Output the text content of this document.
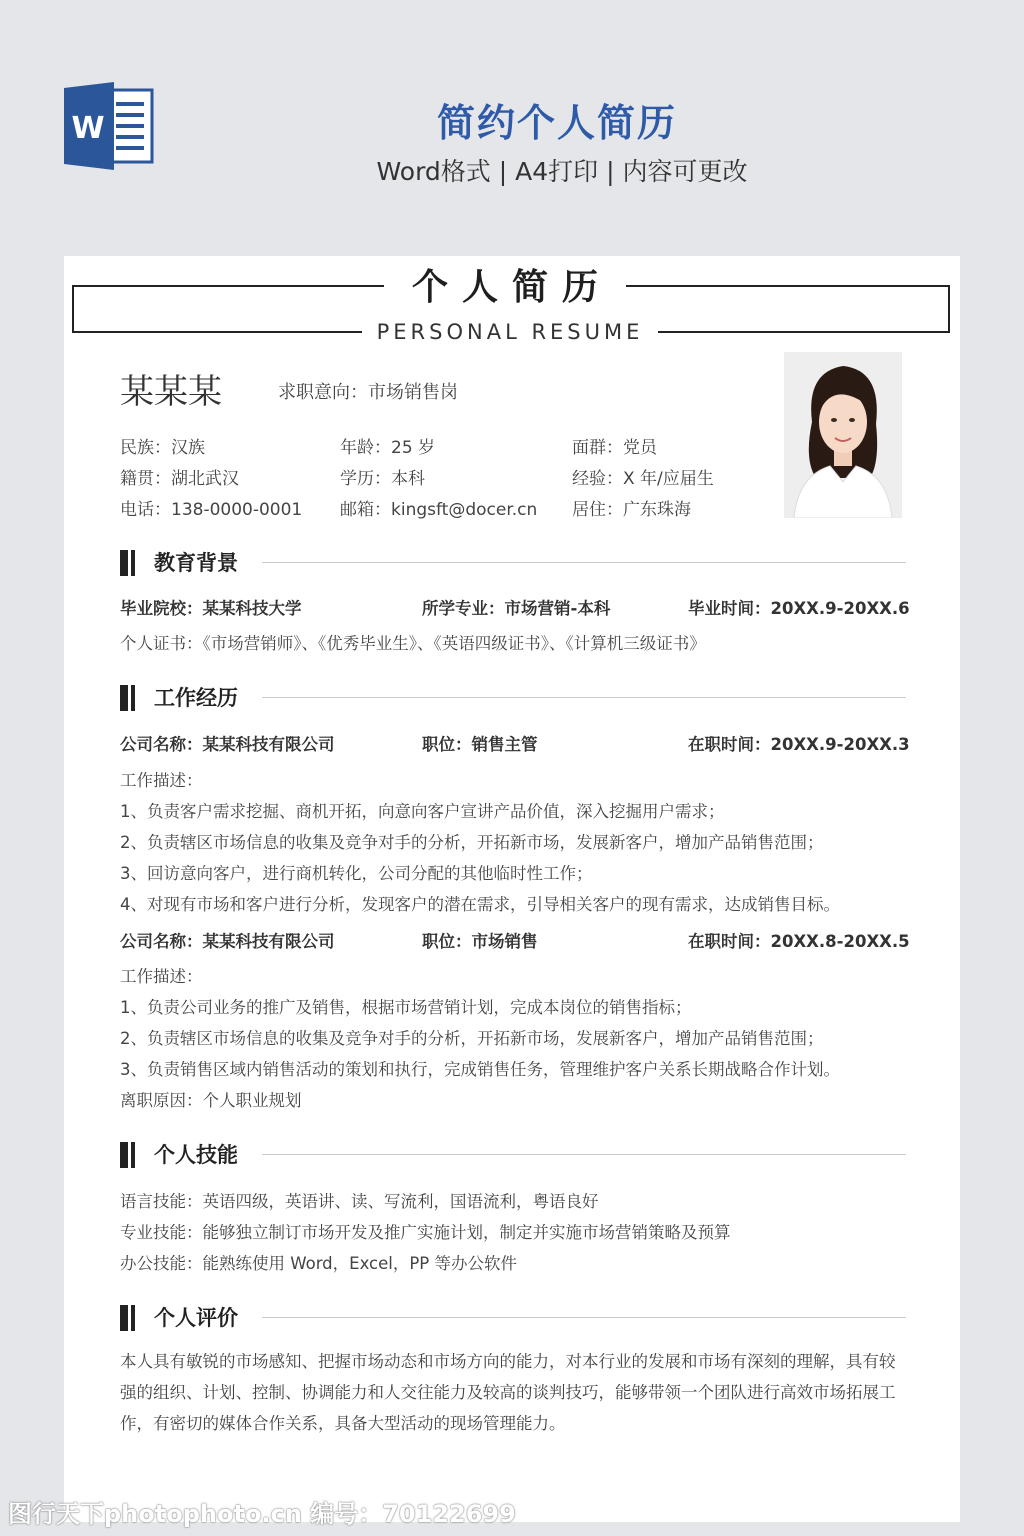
W	简约个人简历
Word格式 | A4打印 | 内容可更改
个人简历
PERSONAL RESUME
某某某	求职意向：市场销售岗
民族：汉族	年龄：25 岁	面群：党员
籍贯：湖北武汉	学历：本科	经验：X 年/应届生
电话：138-0000-0001 邮箱：kingsft@docer.cn 居住：广东珠海
教育背景
毕业院校：某某科技大学	所学专业：市场营销-本科	毕业时间：20XX.9-20XX.6
个人证书：《市场营销师》、《优秀毕业生》、《英语四级证书》、《计算机三级证书》
工作经历
公司名称：某某科技有限公司	职位：销售主管	在职时间：20XX.9-20XX.3
工作描述：
1、负责客户需求挖掘、商机开拓，向意向客户宣讲产品价值，深入挖掘用户需求；
2、负责辖区市场信息的收集及竞争对手的分析，开拓新市场，发展新客户，增加产品销售范围；
3、回访意向客户，进行商机转化，公司分配的其他临时性工作；
4、对现有市场和客户进行分析，发现客户的潜在需求，引导相关客户的现有需求，达成销售目标。
公司名称：某某科技有限公司	职位：市场销售	在职时间：20XX.8-20XX.5
工作描述：
1、负责公司业务的推广及销售，根据市场营销计划，完成本岗位的销售指标；
2、负责辖区市场信息的收集及竞争对手的分析，开拓新市场，发展新客户，增加产品销售范围；
3、负责销售区域内销售活动的策划和执行，完成销售任务，管理维护客户关系长期战略合作计划。
离职原因：个人职业规划
个人技能
语言技能：英语四级，英语讲、读、写流利，国语流利，粤语良好
专业技能：能够独立制订市场开发及推广实施计划，制定并实施市场营销策略及预算
办公技能：能熟练使用 Word，Excel，PP 等办公软件
个人评价
本人具有敏锐的市场感知、把握市场动态和市场方向的能力，对本行业的发展和市场有深刻的理解，具有较强的组织、计划、控制、协调能力和人交往能力及较高的谈判技巧，能够带领一个团队进行高效市场拓展工作，有密切的媒体合作关系，具备大型活动的现场管理能力。
图行天下photophoto.cn 编号：70122699
